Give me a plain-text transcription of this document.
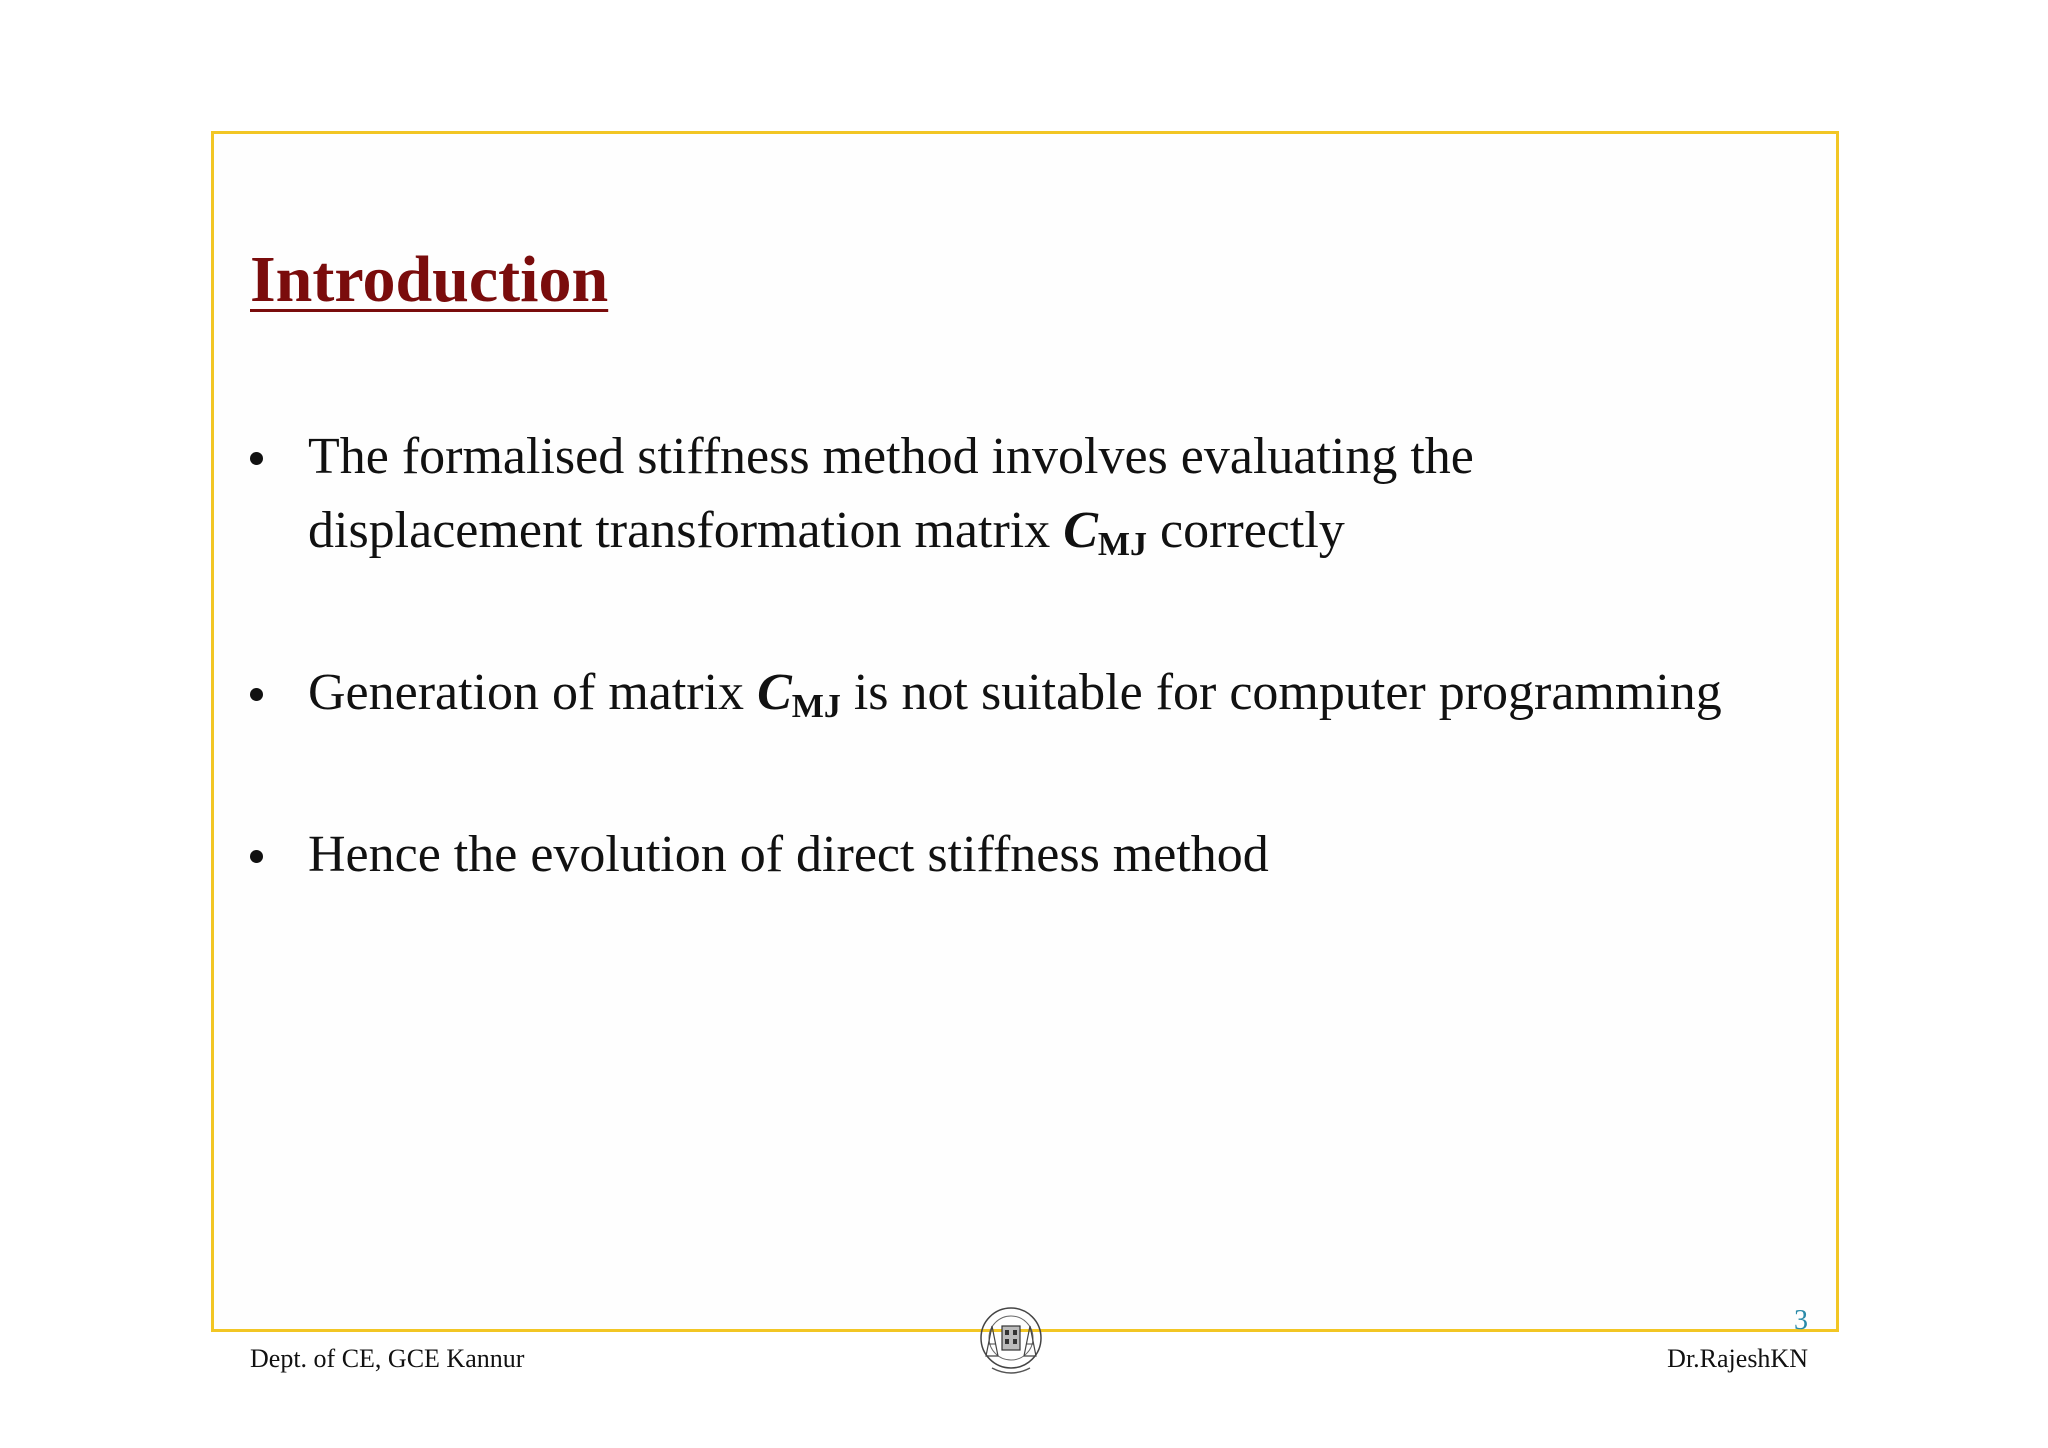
Introduction
The formalised stiffness method involves evaluating the displacement transformation matrix $C_{MJ}$ correctly
Generation of matrix $C_{MJ}$ is not suitable for computer programming
Hence the evolution of direct stiffness method
3
Dept. of CE, GCE Kannur	Dr.RajeshKN
